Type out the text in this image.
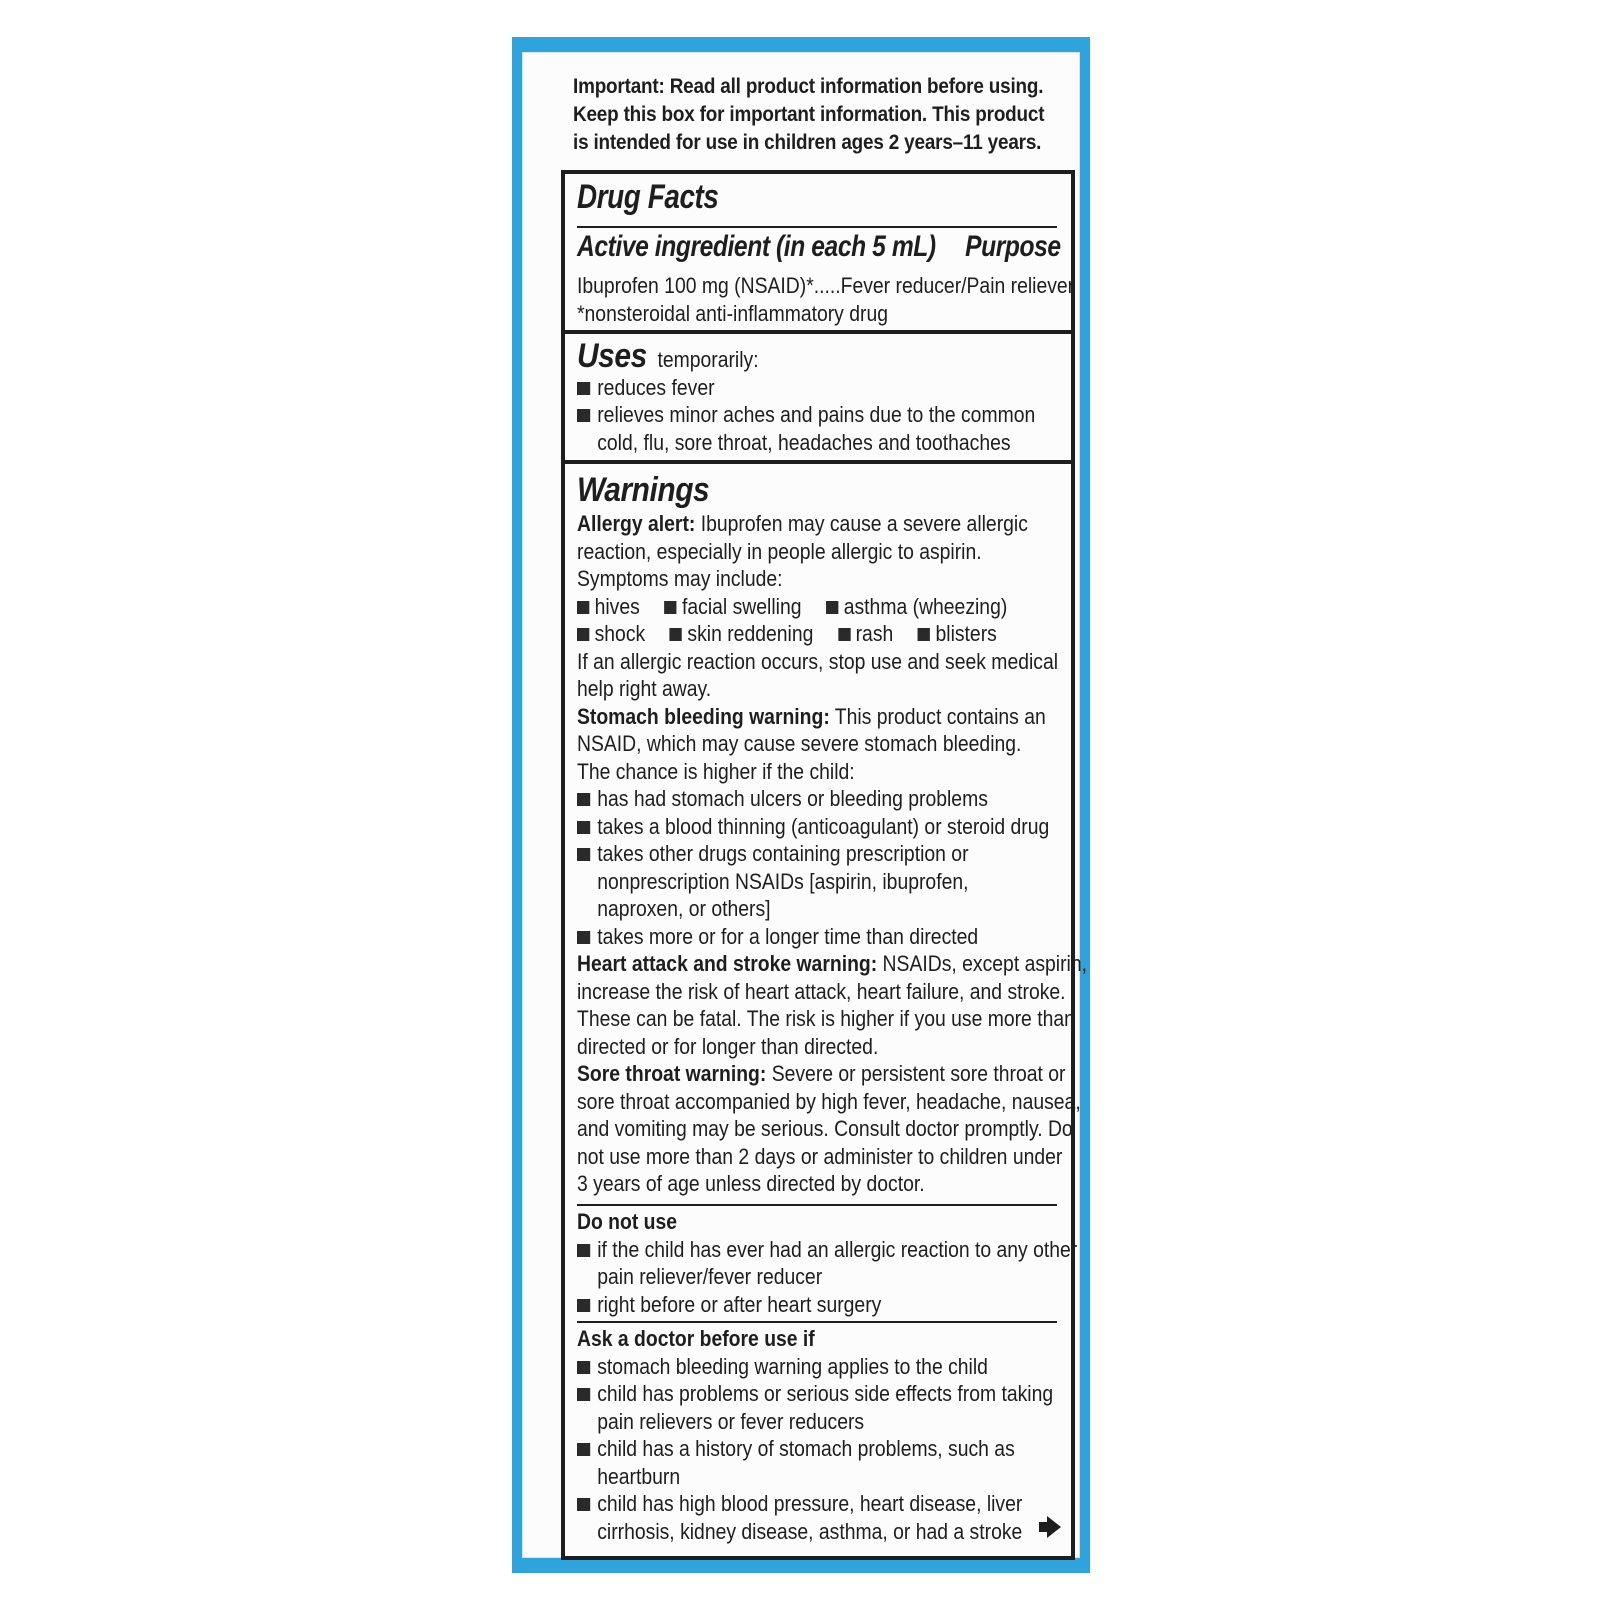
Important: Read all product information before using.
Keep this box for important information. This product
is intended for use in children ages 2 years–11 years.
Drug Facts
Active ingredient (in each 5 mL) Purpose
Ibuprofen 100 mg (NSAID)*.....Fever reducer/Pain reliever
*nonsteroidal anti-inflammatory drug
Uses temporarily:
reduces fever
relieves minor aches and pains due to the common
cold, flu, sore throat, headaches and toothaches
Warnings
Allergy alert: Ibuprofen may cause a severe allergic
reaction, especially in people allergic to aspirin.
Symptoms may include:
hives facial swelling asthma (wheezing)
shock skin reddening rash blisters
If an allergic reaction occurs, stop use and seek medical
help right away.
Stomach bleeding warning: This product contains an
NSAID, which may cause severe stomach bleeding.
The chance is higher if the child:
has had stomach ulcers or bleeding problems
takes a blood thinning (anticoagulant) or steroid drug
takes other drugs containing prescription or
nonprescription NSAIDs [aspirin, ibuprofen,
naproxen, or others]
takes more or for a longer time than directed
Heart attack and stroke warning: NSAIDs, except aspirin,
increase the risk of heart attack, heart failure, and stroke.
These can be fatal. The risk is higher if you use more than
directed or for longer than directed.
Sore throat warning: Severe or persistent sore throat or
sore throat accompanied by high fever, headache, nausea,
and vomiting may be serious. Consult doctor promptly. Do
not use more than 2 days or administer to children under
3 years of age unless directed by doctor.
Do not use
if the child has ever had an allergic reaction to any other
pain reliever/fever reducer
right before or after heart surgery
Ask a doctor before use if
stomach bleeding warning applies to the child
child has problems or serious side effects from taking
pain relievers or fever reducers
child has a history of stomach problems, such as
heartburn
child has high blood pressure, heart disease, liver
cirrhosis, kidney disease, asthma, or had a stroke
